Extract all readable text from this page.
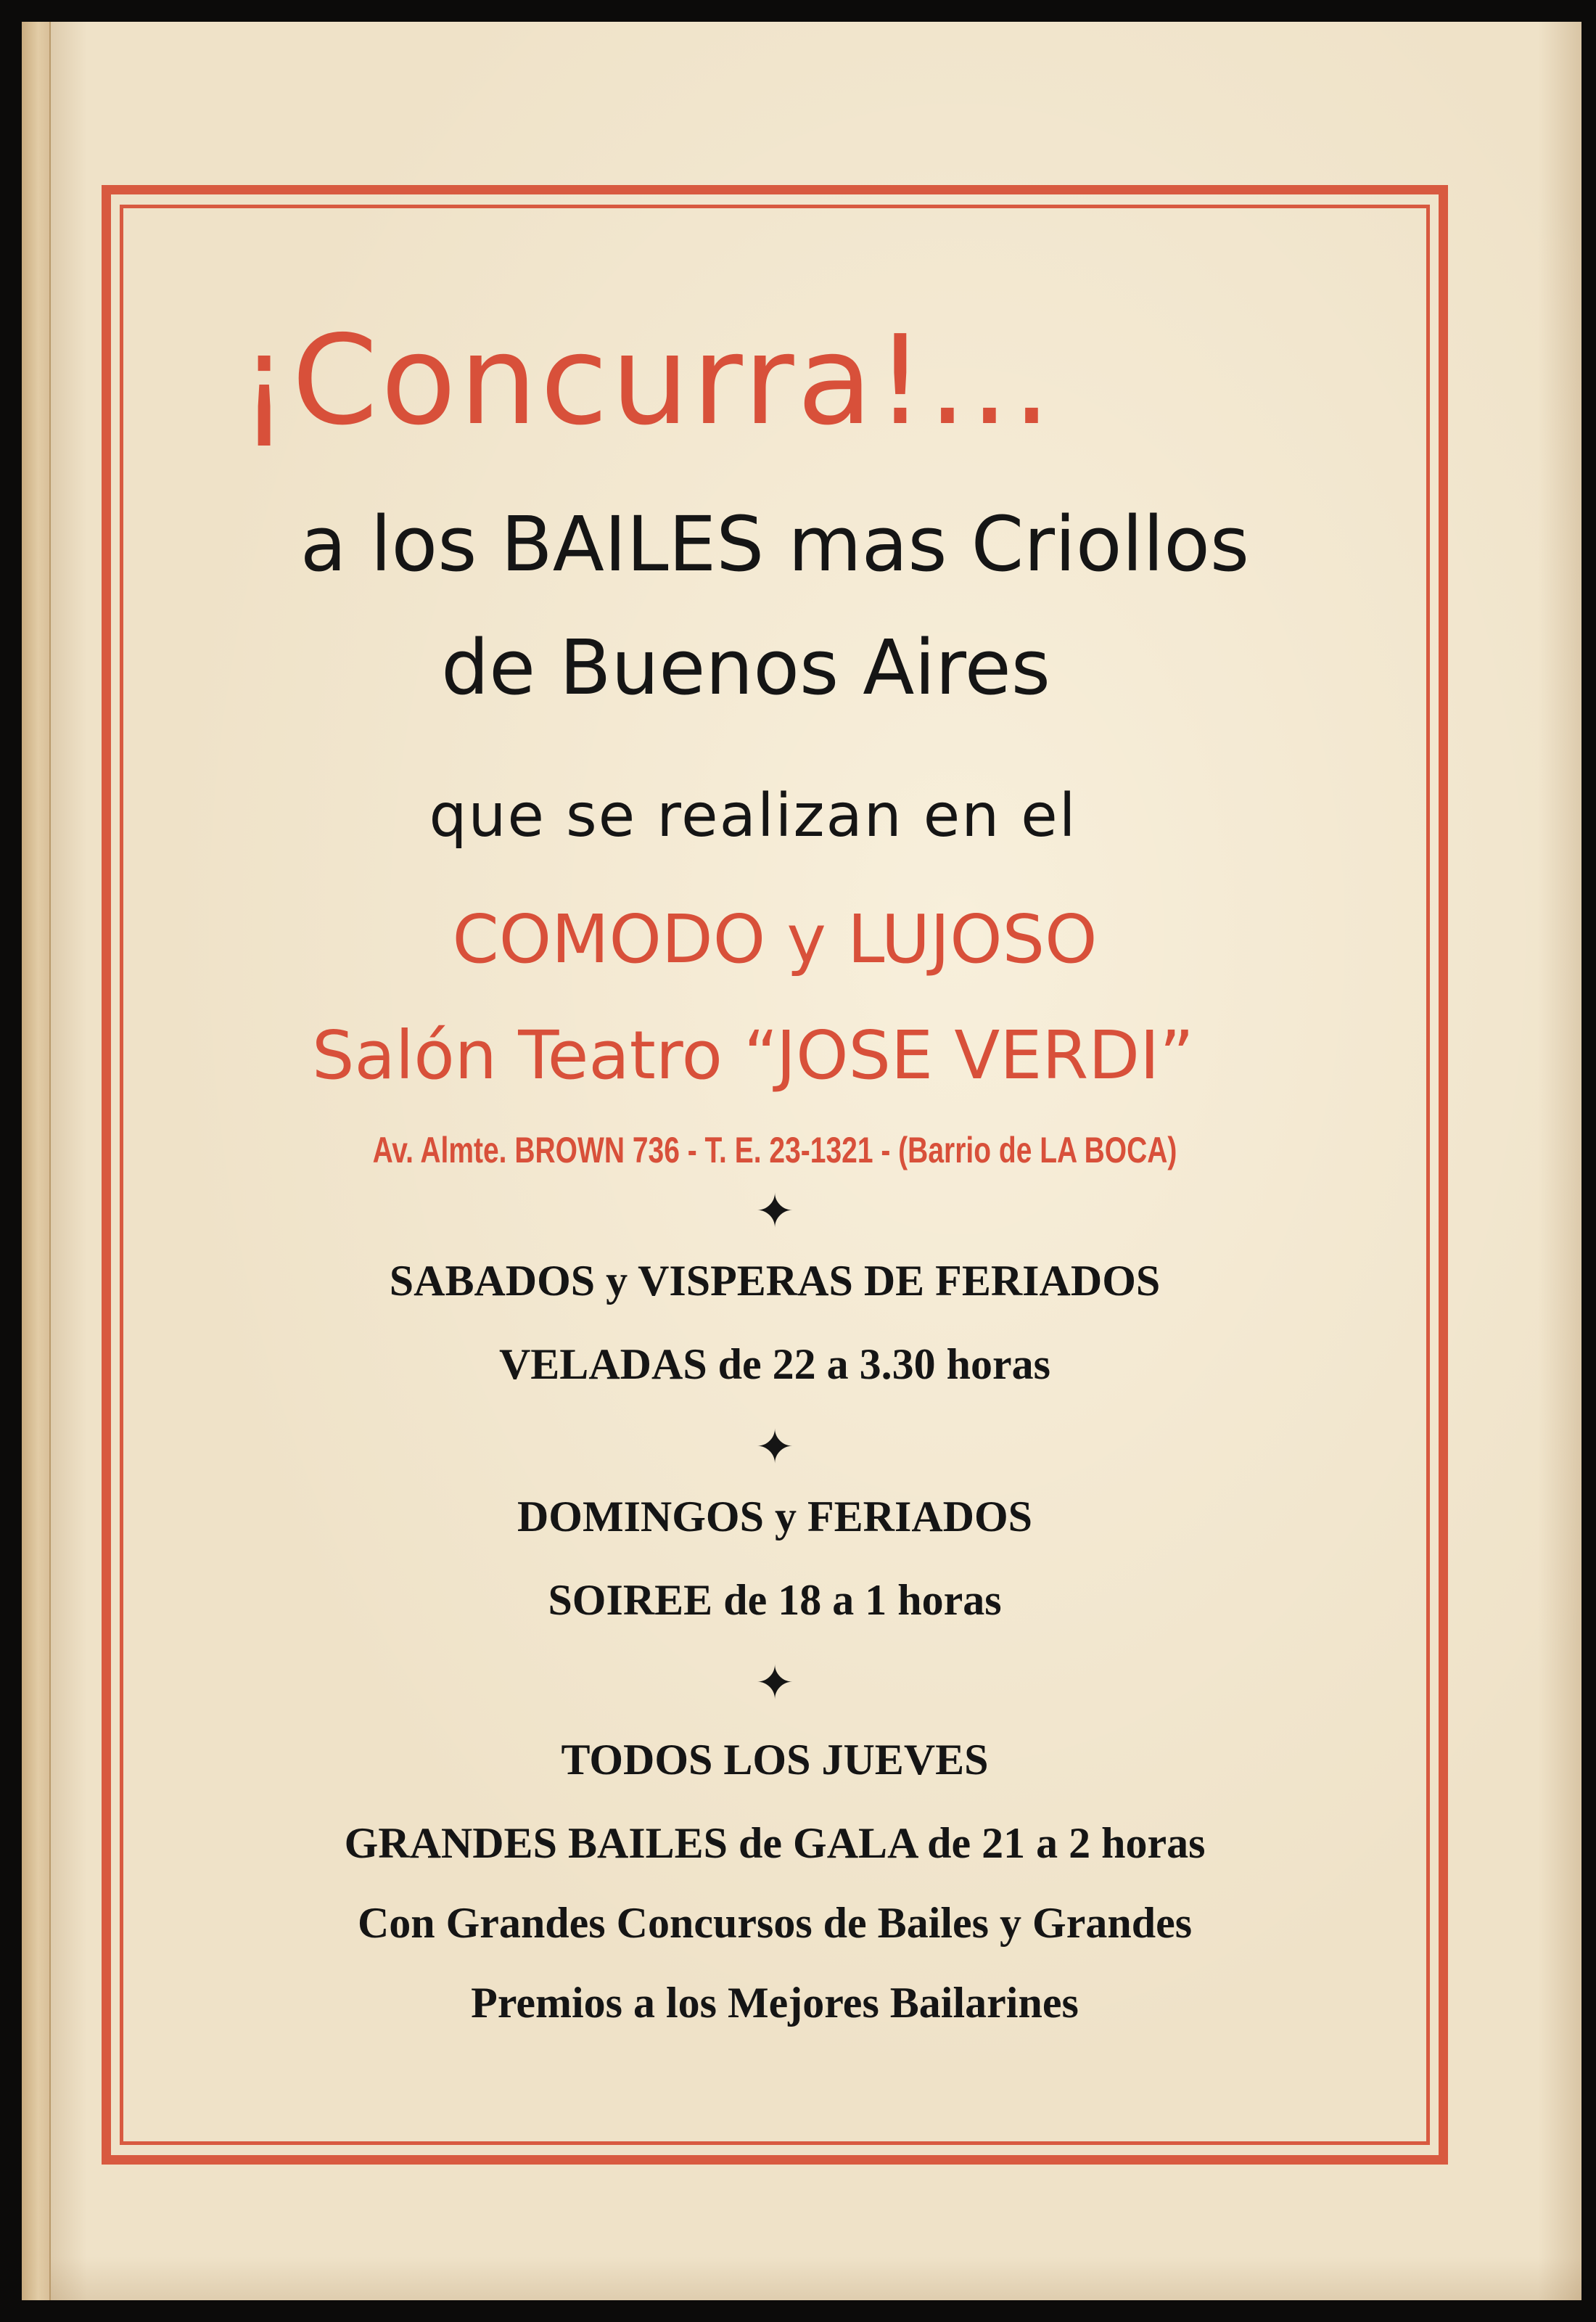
¡Concurra!...
a los BAILES mas Criollos
de Buenos Aires
que se realizan en el
COMODO y LUJOSO
Salón Teatro “JOSE VERDI”
Av. Almte. BROWN 736 - T. E. 23-1321 - (Barrio de LA BOCA)
✦
SABADOS y VISPERAS DE FERIADOS
VELADAS de 22 a 3.30 horas
✦
DOMINGOS y FERIADOS
SOIREE de 18 a 1 horas
✦
TODOS LOS JUEVES
GRANDES BAILES de GALA de 21 a 2 horas
Con Grandes Concursos de Bailes y Grandes
Premios a los Mejores Bailarines
